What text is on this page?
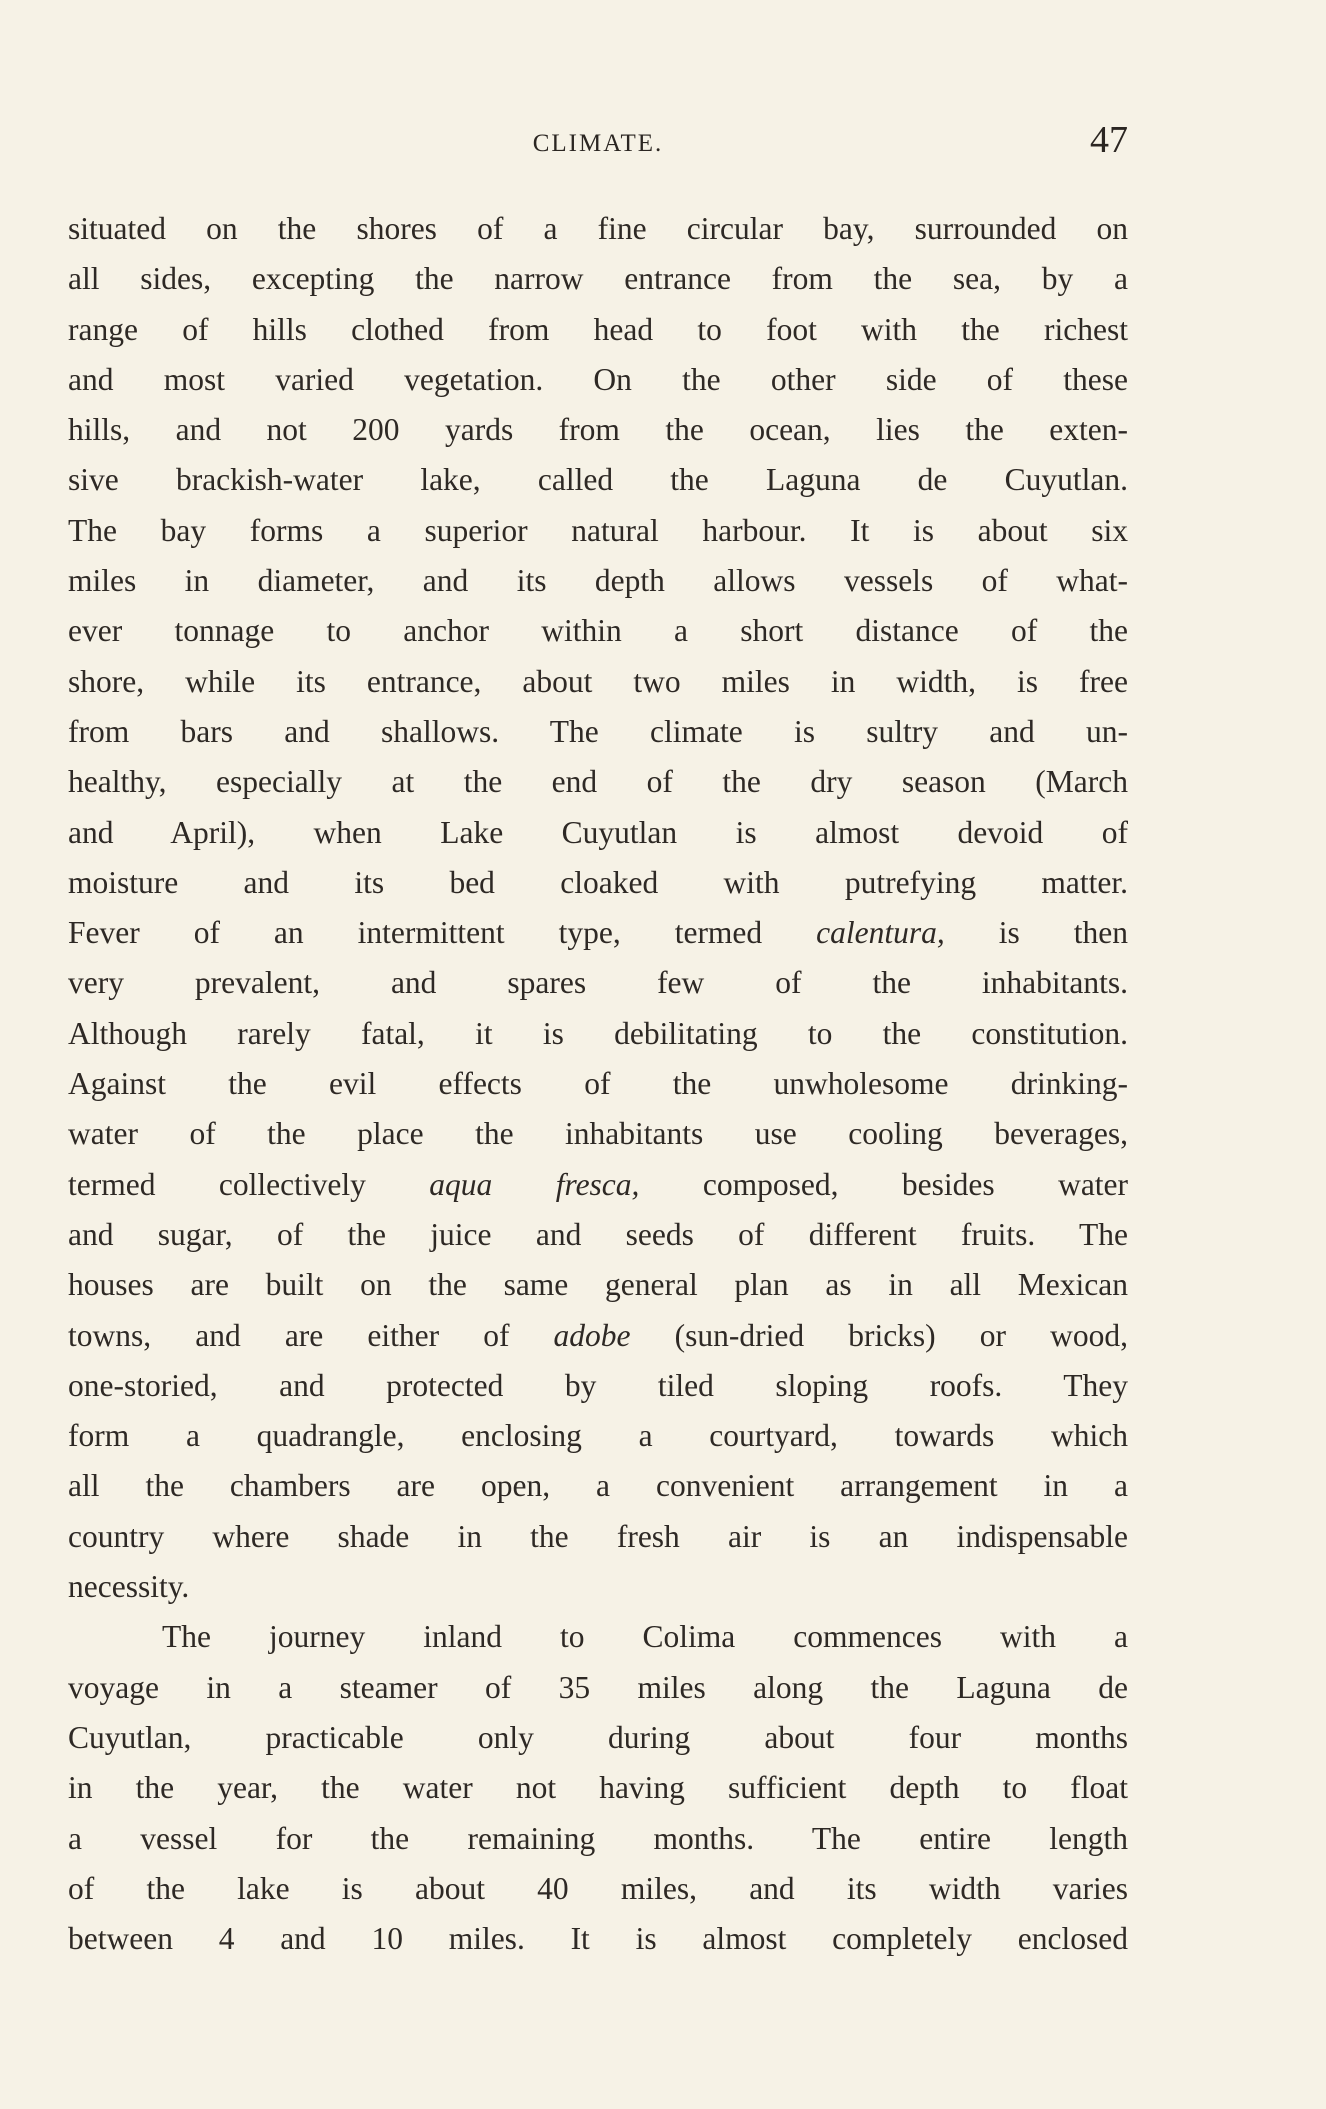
CLIMATE.	47
situated on the shores of a fine circular bay, surrounded on
all sides, excepting the narrow entrance from the sea, by a
range of hills clothed from head to foot with the richest
and most varied vegetation. On the other side of these
hills, and not 200 yards from the ocean, lies the exten-
sive brackish-water lake, called the Laguna de Cuyutlan.
The bay forms a superior natural harbour. It is about six
miles in diameter, and its depth allows vessels of what-
ever tonnage to anchor within a short distance of the
shore, while its entrance, about two miles in width, is free
from bars and shallows. The climate is sultry and un-
healthy, especially at the end of the dry season (March
and April), when Lake Cuyutlan is almost devoid of
moisture and its bed cloaked with putrefying matter.
Fever of an intermittent type, termed calentura, is then
very prevalent, and spares few of the inhabitants.
Although rarely fatal, it is debilitating to the constitution.
Against the evil effects of the unwholesome drinking-
water of the place the inhabitants use cooling beverages,
termed collectively aqua fresca, composed, besides water
and sugar, of the juice and seeds of different fruits. The
houses are built on the same general plan as in all Mexican
towns, and are either of adobe (sun-dried bricks) or wood,
one-storied, and protected by tiled sloping roofs. They
form a quadrangle, enclosing a courtyard, towards which
all the chambers are open, a convenient arrangement in a
country where shade in the fresh air is an indispensable
necessity.
The journey inland to Colima commences with a
voyage in a steamer of 35 miles along the Laguna de
Cuyutlan, practicable only during about four months
in the year, the water not having sufficient depth to float
a vessel for the remaining months. The entire length
of the lake is about 40 miles, and its width varies
between 4 and 10 miles. It is almost completely enclosed
